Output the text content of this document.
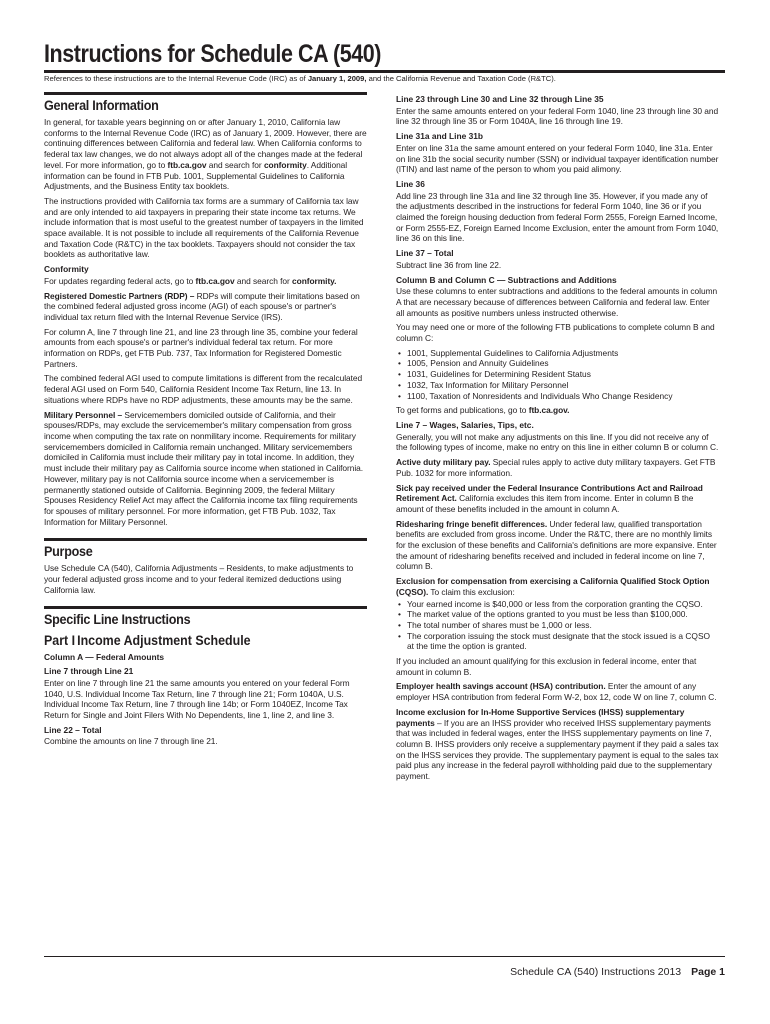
Instructions for Schedule CA (540)
References to these instructions are to the Internal Revenue Code (IRC) as of January 1, 2009, and the California Revenue and Taxation Code (R&TC).
General Information

In general, for taxable years beginning on or after January 1, 2010, California law conforms to the Internal Revenue Code (IRC) as of January 1, 2009. However, there are continuing differences between California and federal law. When California conforms to federal tax law changes, we do not always adopt all of the changes made at the federal level. For more information, go to ftb.ca.gov and search for conformity. Additional information can be found in FTB Pub. 1001, Supplemental Guidelines to California Adjustments, and the Business Entity tax booklets.

The instructions provided with California tax forms are a summary of California tax law and are only intended to aid taxpayers in preparing their state income tax returns. We include information that is most useful to the greatest number of taxpayers in the limited space available. It is not possible to include all requirements of the California Revenue and Taxation Code (R&TC) in the tax booklets. Taxpayers should not consider the tax booklets as authoritative law.

Conformity

For updates regarding federal acts, go to ftb.ca.gov and search for conformity.

Registered Domestic Partners (RDP) – RDPs will compute their limitations based on the combined federal adjusted gross income (AGI) of each spouse's or partner's individual tax return filed with the Internal Revenue Service (IRS).

For column A, line 7 through line 21, and line 23 through line 35, combine your federal amounts from each spouse's or partner's individual federal tax return. For more information on RDPs, get FTB Pub. 737, Tax Information for Registered Domestic Partners.

The combined federal AGI used to compute limitations is different from the recalculated federal AGI used on Form 540, California Resident Income Tax Return, line 13. In situations where RDPs have no RDP adjustments, these amounts may be the same.

Military Personnel – Servicemembers domiciled outside of California, and their spouses/RDPs, may exclude the servicemember's military compensation from gross income when computing the tax rate on nonmilitary income. Requirements for military servicemembers domiciled in California remain unchanged. Military servicemembers domiciled in California must include their military pay in total income. In addition, they must include their military pay as California source income when stationed in California. However, military pay is not California source income when a servicemember is permanently stationed outside of California. Beginning 2009, the federal Military Spouses Residency Relief Act may affect the California income tax filing requirements for spouses of military personnel. For more information, get FTB Pub. 1032, Tax Information for Military Personnel.

Purpose

Use Schedule CA (540), California Adjustments – Residents, to make adjustments to your federal adjusted gross income and to your federal itemized deductions using California law.

Specific Line Instructions
Part I Income Adjustment Schedule
Column A — Federal Amounts
Line 7 through Line 21

Enter on line 7 through line 21 the same amounts you entered on your federal Form 1040, U.S. Individual Income Tax Return, line 7 through line 21; Form 1040A, U.S. Individual Income Tax Return, line 7 through line 14b; or Form 1040EZ, Income Tax Return for Single and Joint Filers With No Dependents, line 1, line 2, and line 3.

Line 22 – Total

Combine the amounts on line 7 through line 21.

Line 23 through Line 30 and Line 32 through Line 35

Enter the same amounts entered on your federal Form 1040, line 23 through line 30 and line 32 through line 35 or Form 1040A, line 16 through line 19.

Line 31a and Line 31b

Enter on line 31a the same amount entered on your federal Form 1040, line 31a. Enter on line 31b the social security number (SSN) or individual taxpayer identification number (ITIN) and last name of the person to whom you paid alimony.

Line 36

Add line 23 through line 31a and line 32 through line 35. However, if you made any of the adjustments described in the instructions for federal Form 1040, line 36 or if you claimed the foreign housing deduction from federal Form 2555, Foreign Earned Income, or Form 2555-EZ, Foreign Earned Income Exclusion, enter the amount from Form 1040, line 36 on this line.

Line 37 – Total

Subtract line 36 from line 22.

Column B and Column C — Subtractions and Additions

Use these columns to enter subtractions and additions to the federal amounts in column A that are necessary because of differences between California and federal law. Enter all amounts as positive numbers unless instructed otherwise.

You may need one or more of the following FTB publications to complete column B and column C:

• 1001, Supplemental Guidelines to California Adjustments
• 1005, Pension and Annuity Guidelines
• 1031, Guidelines for Determining Resident Status
• 1032, Tax Information for Military Personnel
• 1100, Taxation of Nonresidents and Individuals Who Change Residency

To get forms and publications, go to ftb.ca.gov.

Line 7 – Wages, Salaries, Tips, etc.

Generally, you will not make any adjustments on this line. If you did not receive any of the following types of income, make no entry on this line in either column B or column C.

Active duty military pay. Special rules apply to active duty military taxpayers. Get FTB Pub. 1032 for more information.

Sick pay received under the Federal Insurance Contributions Act and Railroad Retirement Act. California excludes this item from income. Enter in column B the amount of these benefits included in the amount in column A.

Ridesharing fringe benefit differences. Under federal law, qualified transportation benefits are excluded from gross income. Under the R&TC, there are no monthly limits for the exclusion of these benefits and California's definitions are more expansive. Enter the amount of ridesharing benefits received and included in federal income on line 7, column B.

Exclusion for compensation from exercising a California Qualified Stock Option (CQSO). To claim this exclusion:

• Your earned income is $40,000 or less from the corporation granting the CQSO.
• The market value of the options granted to you must be less than $100,000.
• The total number of shares must be 1,000 or less.
• The corporation issuing the stock must designate that the stock issued is a CQSO at the time the option is granted.

If you included an amount qualifying for this exclusion in federal income, enter that amount in column B.

Employer health savings account (HSA) contribution. Enter the amount of any employer HSA contribution from federal Form W-2, box 12, code W on line 7, column C.

Income exclusion for In-Home Supportive Services (IHSS) supplementary payments – If you are an IHSS provider who received IHSS supplementary payments that was included in federal wages, enter the IHSS supplementary payments on line 7, column B. IHSS providers only receive a supplementary payment if they paid a sales tax on the IHSS services they provide. The supplementary payment is equal to the sales tax paid plus any increase in the federal payroll withholding paid due to the supplementary payment.

Schedule CA (540) Instructions 2013 Page 1
